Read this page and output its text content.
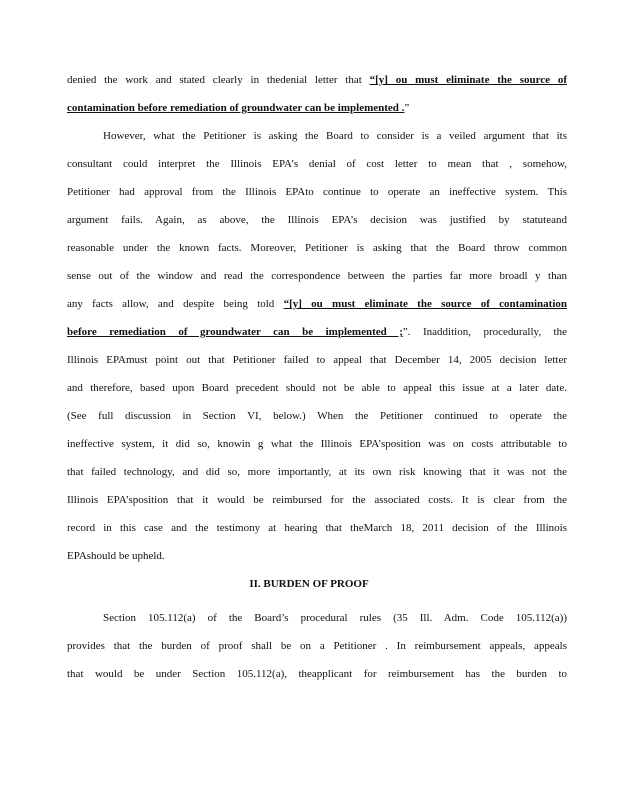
denied the work and stated clearly in thedenial letter that “[y] ou must eliminate the source of
contamination before remediation of groundwater can be implemented .”
However, what the Petitioner is asking the Board to consider is a veiled argument that its
consultant could interpret the Illinois EPA’s denial of cost letter to mean that , somehow,
Petitioner had approval from the Illinois EPAto continue to operate an ineffective system. This
argument fails. Again, as above, the Illinois EPA’s decision was justified by statuteand
reasonable under the known facts. Moreover, Petitioner is asking that the Board throw common
sense out of the window and read the correspondence between the parties far more broadl y than
any facts allow, and despite being told “[y] ou must eliminate the source of contamination
before remediation of groundwater can be implemented ;”. Inaddition, procedurally, the
Illinois EPAmust point out that Petitioner failed to appeal that December 14, 2005 decision letter
and therefore, based upon Board precedent should not be able to appeal this issue at a later date.
(See full discussion in Section VI, below.) When the Petitioner continued to operate the
ineffective system, it did so, knowin g what the Illinois EPA’sposition was on costs attributable to
that failed technology, and did so, more importantly, at its own risk knowing that it was not the
Illinois EPA’sposition that it would be reimbursed for the associated costs. It is clear from the
record in this case and the testimony at hearing that theMarch 18, 2011 decision of the Illinois
EPAshould be upheld.
II. BURDEN OF PROOF
Section 105.112(a) of the Board’s procedural rules (35 Ill. Adm. Code 105.112(a))
provides that the burden of proof shall be on a Petitioner . In reimbursement appeals, appeals
that would be under Section 105.112(a), theapplicant for reimbursement has the burden to
